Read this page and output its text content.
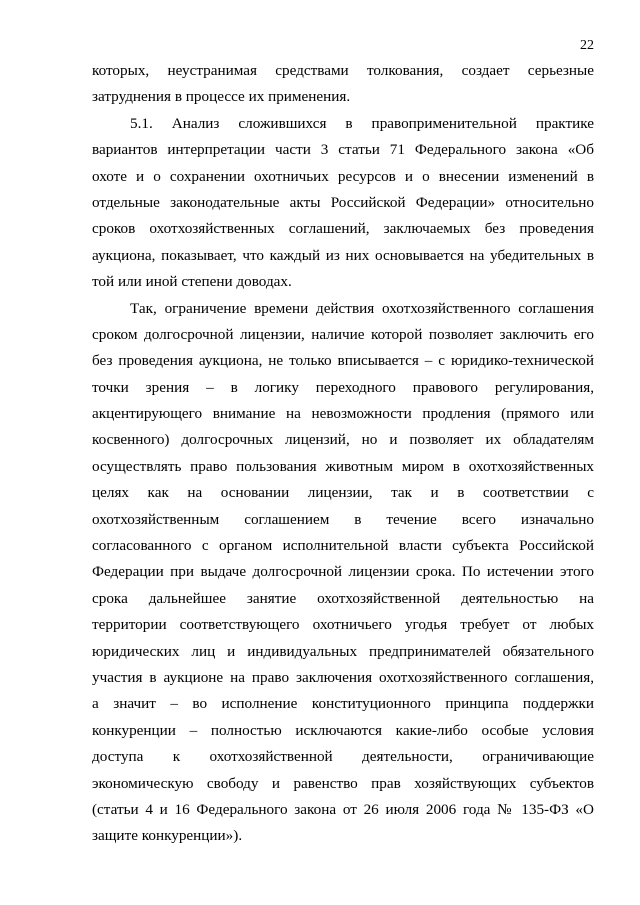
22
которых, неустранимая средствами толкования, создает серьезные
затруднения в процессе их применения.
5.1. Анализ сложившихся в правоприменительной практике
вариантов интерпретации части 3 статьи 71 Федерального закона «Об
охоте и о сохранении охотничьих ресурсов и о внесении изменений в
отдельные законодательные акты Российской Федерации» относительно
сроков охотхозяйственных соглашений, заключаемых без проведения
аукциона, показывает, что каждый из них основывается на убедительных в
той или иной степени доводах.
Так, ограничение времени действия охотхозяйственного соглашения
сроком долгосрочной лицензии, наличие которой позволяет заключить его
без проведения аукциона, не только вписывается – с юридико-технической
точки зрения – в логику переходного правового регулирования,
акцентирующего внимание на невозможности продления (прямого или
косвенного) долгосрочных лицензий, но и позволяет их обладателям
осуществлять право пользования животным миром в охотхозяйственных
целях как на основании лицензии, так и в соответствии с
охотхозяйственным соглашением в течение всего изначально
согласованного с органом исполнительной власти субъекта Российской
Федерации при выдаче долгосрочной лицензии срока. По истечении этого
срока дальнейшее занятие охотхозяйственной деятельностью на
территории соответствующего охотничьего угодья требует от любых
юридических лиц и индивидуальных предпринимателей обязательного
участия в аукционе на право заключения охотхозяйственного соглашения,
а значит – во исполнение конституционного принципа поддержки
конкуренции – полностью исключаются какие-либо особые условия
доступа к охотхозяйственной деятельности, ограничивающие
экономическую свободу и равенство прав хозяйствующих субъектов
(статьи 4 и 16 Федерального закона от 26 июля 2006 года № 135-ФЗ «О
защите конкуренции»).
